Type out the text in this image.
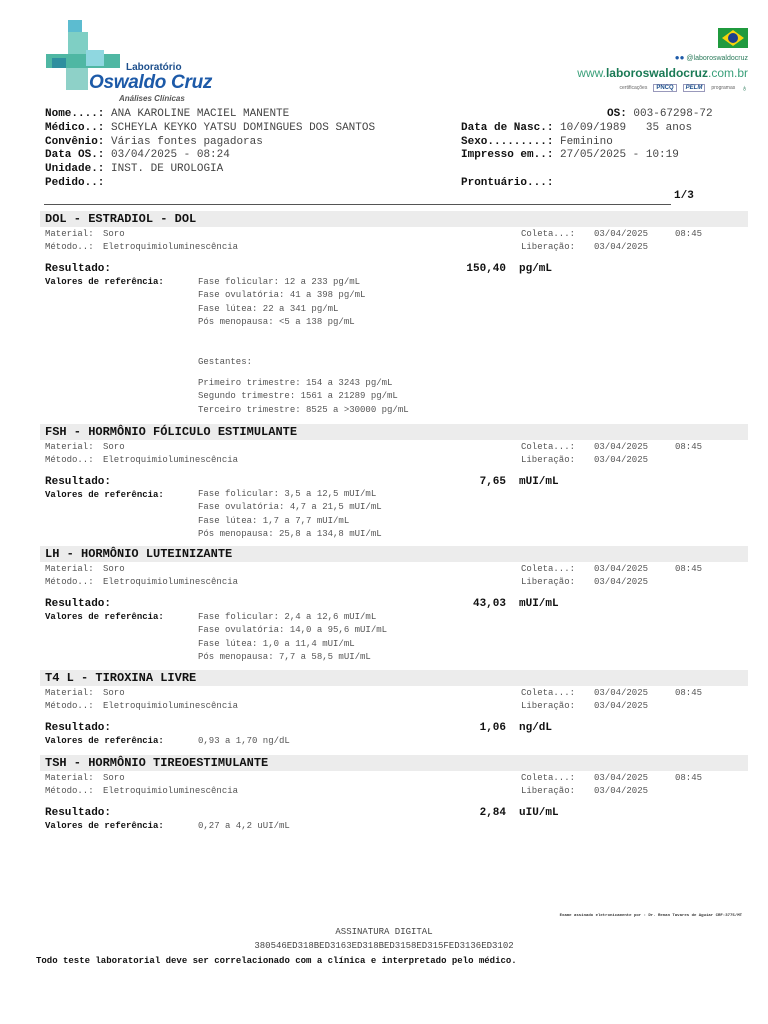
Laboratório
Oswaldo Cruz
Análises Clínicas
●● @laboroswaldocruz
www.laboroswaldocruz.com.br
certificações	PNCQ	PELM	programas ♁
Nome....: ANA KAROLINE MACIEL MANENTE
Médico..: SCHEYLA KEYKO YATSU DOMINGUES DOS SANTOS
Convênio: Várias fontes pagadoras
Data OS.: 03/04/2025 - 08:24
Unidade.: INST. DE UROLOGIA
Pedido..:
OS: 003-67298-72
Data de Nasc.: 10/09/1989 35 anos
Sexo.........: Feminino
Impresso em..: 27/05/2025 - 10:19
Prontuário...:
1/3
DOL - ESTRADIOL - DOL
Material: Soro
Método..: Eletroquimioluminescência
Coleta...: 03/04/2025	08:45
Liberação: 03/04/2025
Resultado:	150,40 pg/mL
Valores de referência:	Fase folicular: 12 a 233 pg/mL
Fase ovulatória: 41 a 398 pg/mL
Fase lútea: 22 a 341 pg/mL
Pós menopausa: <5 a 138 pg/mL
Gestantes:
Primeiro trimestre: 154 a 3243 pg/mL
Segundo trimestre: 1561 a 21289 pg/mL
Terceiro trimestre: 8525 a >30000 pg/mL
FSH - HORMÔNIO FÓLICULO ESTIMULANTE
Material: Soro
Método..: Eletroquimioluminescência
Coleta...: 03/04/2025	08:45
Liberação: 03/04/2025
Resultado:	7,65 mUI/mL
Valores de referência:	Fase folicular: 3,5 a 12,5 mUI/mL
Fase ovulatória: 4,7 a 21,5 mUI/mL
Fase lútea: 1,7 a 7,7 mUI/mL
Pós menopausa: 25,8 a 134,8 mUI/mL
LH - HORMÔNIO LUTEINIZANTE
Material: Soro
Método..: Eletroquimioluminescência
Coleta...: 03/04/2025	08:45
Liberação: 03/04/2025
Resultado:	43,03 mUI/mL
Valores de referência:	Fase folicular: 2,4 a 12,6 mUI/mL
Fase ovulatória: 14,0 a 95,6 mUI/mL
Fase lútea: 1,0 a 11,4 mUI/mL
Pós menopausa: 7,7 a 58,5 mUI/mL
T4 L - TIROXINA LIVRE
Material: Soro
Método..: Eletroquimioluminescência
Coleta...: 03/04/2025	08:45
Liberação: 03/04/2025
Resultado:	1,06 ng/dL
Valores de referência:	0,93 a 1,70 ng/dL
TSH - HORMÔNIO TIREOESTIMULANTE
Material: Soro
Método..: Eletroquimioluminescência
Coleta...: 03/04/2025	08:45
Liberação: 03/04/2025
Resultado:	2,84 uIU/mL
Valores de referência:	0,27 a 4,2 uUI/mL
Exame assinado eletronicamente por : Dr. Renan Tavares de Aguiar CRF:3775/MT
ASSINATURA DIGITAL
380546ED318BED3163ED318BED3158ED315FED3136ED3102
Todo teste laboratorial deve ser correlacionado com a clínica e interpretado pelo médico.
